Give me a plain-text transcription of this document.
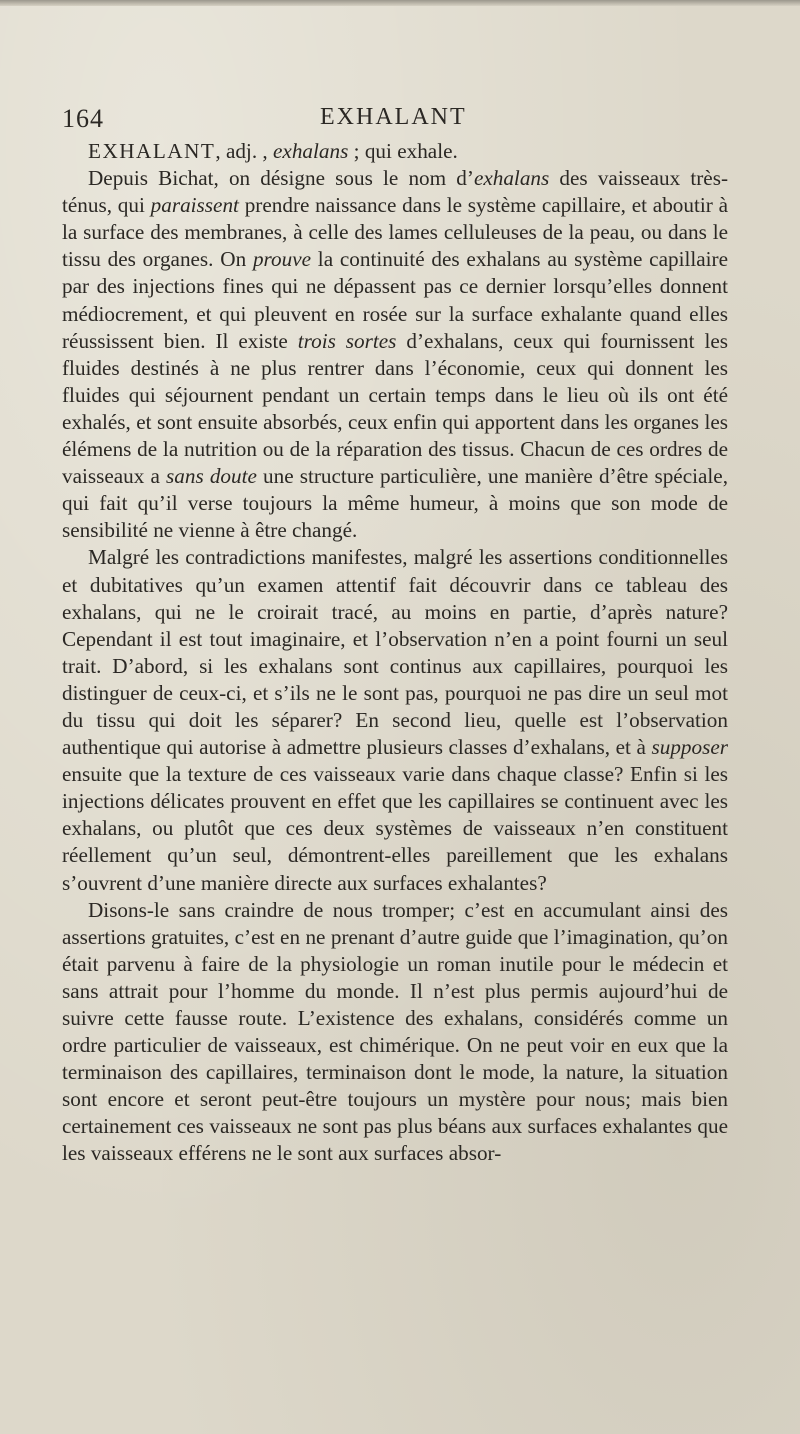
164	EXHALANT

EXHALANT, adj. , exhalans ; qui exhale.

Depuis Bichat, on désigne sous le nom d’exhalans des vaisseaux très-ténus, qui paraissent prendre naissance dans le système capillaire, et aboutir à la surface des membranes, à celle des lames celluleuses de la peau, ou dans le tissu des organes. On prouve la continuité des exhalans au système capillaire par des injections fines qui ne dépassent pas ce dernier lorsqu’elles donnent médiocrement, et qui pleuvent en rosée sur la surface exhalante quand elles réussissent bien. Il existe trois sortes d’exhalans, ceux qui fournissent les fluides destinés à ne plus rentrer dans l’économie, ceux qui donnent les fluides qui séjournent pendant un certain temps dans le lieu où ils ont été exhalés, et sont ensuite absorbés, ceux enfin qui apportent dans les organes les élémens de la nutrition ou de la réparation des tissus. Chacun de ces ordres de vaisseaux a sans doute une structure particulière, une manière d’être spéciale, qui fait qu’il verse toujours la même humeur, à moins que son mode de sensibilité ne vienne à être changé.

Malgré les contradictions manifestes, malgré les assertions conditionnelles et dubitatives qu’un examen attentif fait découvrir dans ce tableau des exhalans, qui ne le croirait tracé, au moins en partie, d’après nature? Cependant il est tout imaginaire, et l’observation n’en a point fourni un seul trait. D’abord, si les exhalans sont continus aux capillaires, pourquoi les distinguer de ceux-ci, et s’ils ne le sont pas, pourquoi ne pas dire un seul mot du tissu qui doit les séparer? En second lieu, quelle est l’observation authentique qui autorise à admettre plusieurs classes d’exhalans, et à supposer ensuite que la texture de ces vaisseaux varie dans chaque classe? Enfin si les injections délicates prouvent en effet que les capillaires se continuent avec les exhalans, ou plutôt que ces deux systèmes de vaisseaux n’en constituent réellement qu’un seul, démontrent-elles pareillement que les exhalans s’ouvrent d’une manière directe aux surfaces exhalantes?

Disons-le sans craindre de nous tromper; c’est en accumulant ainsi des assertions gratuites, c’est en ne prenant d’autre guide que l’imagination, qu’on était parvenu à faire de la physiologie un roman inutile pour le médecin et sans attrait pour l’homme du monde. Il n’est plus permis aujourd’hui de suivre cette fausse route. L’existence des exhalans, considérés comme un ordre particulier de vaisseaux, est chimérique. On ne peut voir en eux que la terminaison des capillaires, terminaison dont le mode, la nature, la situation sont encore et seront peut-être toujours un mystère pour nous; mais bien certainement ces vaisseaux ne sont pas plus béans aux surfaces exhalantes que les vaisseaux efférens ne le sont aux surfaces absor-
